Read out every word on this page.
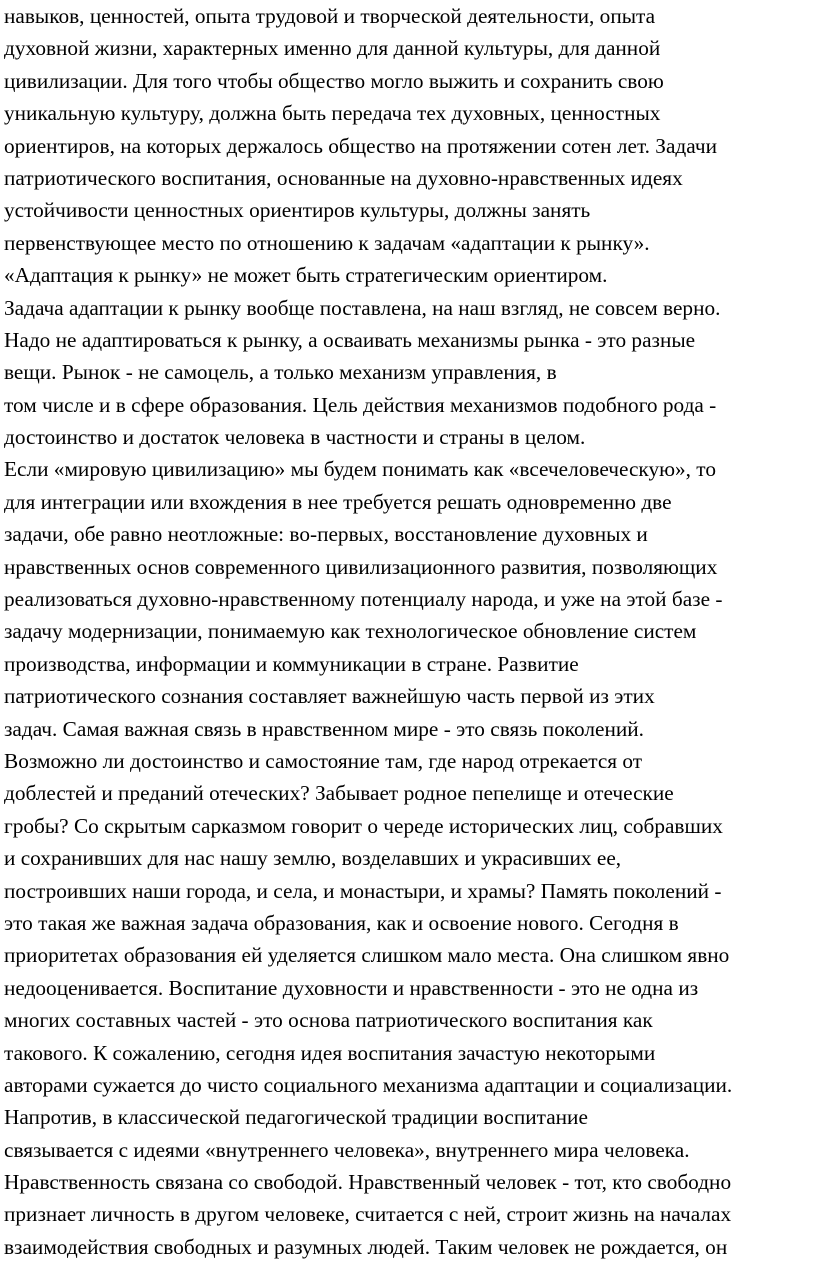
навыков, ценностей, опыта трудовой и творческой деятельности, опыта
духовной жизни, характерных именно для данной культуры, для данной
цивилизации. Для того чтобы общество могло выжить и сохранить свою
уникальную культуру, должна быть передача тех духовных, ценностных
ориентиров, на которых держалось общество на протяжении сотен лет. Задачи
патриотического воспитания, основанные на духовно-нравственных идеях
устойчивости ценностных ориентиров культуры, должны занять
первенствующее место по отношению к задачам «адаптации к рынку».
«Адаптация к рынку» не может быть стратегическим ориентиром.
Задача адаптации к рынку вообще поставлена, на наш взгляд, не совсем верно.
Надо не адаптироваться к рынку, а осваивать механизмы рынка - это разные
вещи. Рынок - не самоцель, а только механизм управления, в
том числе и в сфере образования. Цель действия механизмов подобного рода -
достоинство и достаток человека в частности и страны в целом.
Если «мировую цивилизацию» мы будем понимать как «всечеловеческую», то
для интеграции или вхождения в нее требуется решать одновременно две
задачи, обе равно неотложные: во-первых, восстановление духовных и
нравственных основ современного цивилизационного развития, позволяющих
реализоваться духовно-нравственному потенциалу народа, и уже на этой базе -
задачу модернизации, понимаемую как технологическое обновление систем
производства, информации и коммуникации в стране. Развитие
патриотического сознания составляет важнейшую часть первой из этих
задач. Самая важная связь в нравственном мире - это связь поколений.
Возможно ли достоинство и самостояние там, где народ отрекается от
доблестей и преданий отеческих? Забывает родное пепелище и отеческие
гробы? Со скрытым сарказмом говорит о череде исторических лиц, собравших
и сохранивших для нас нашу землю, возделавших и украсивших ее,
построивших наши города, и села, и монастыри, и храмы? Память поколений -
это такая же важная задача образования, как и освоение нового. Сегодня в
приоритетах образования ей уделяется слишком мало места. Она слишком явно
недооценивается. Воспитание духовности и нравственности - это не одна из
многих составных частей - это основа патриотического воспитания как
такового. К сожалению, сегодня идея воспитания зачастую некоторыми
авторами сужается до чисто социального механизма адаптации и социализации.
Напротив, в классической педагогической традиции воспитание
связывается с идеями «внутреннего человека», внутреннего мира человека.
Нравственность связана со свободой. Нравственный человек - тот, кто свободно
признает личность в другом человеке, считается с ней, строит жизнь на началах
взаимодействия свободных и разумных людей. Таким человек не рождается, он
